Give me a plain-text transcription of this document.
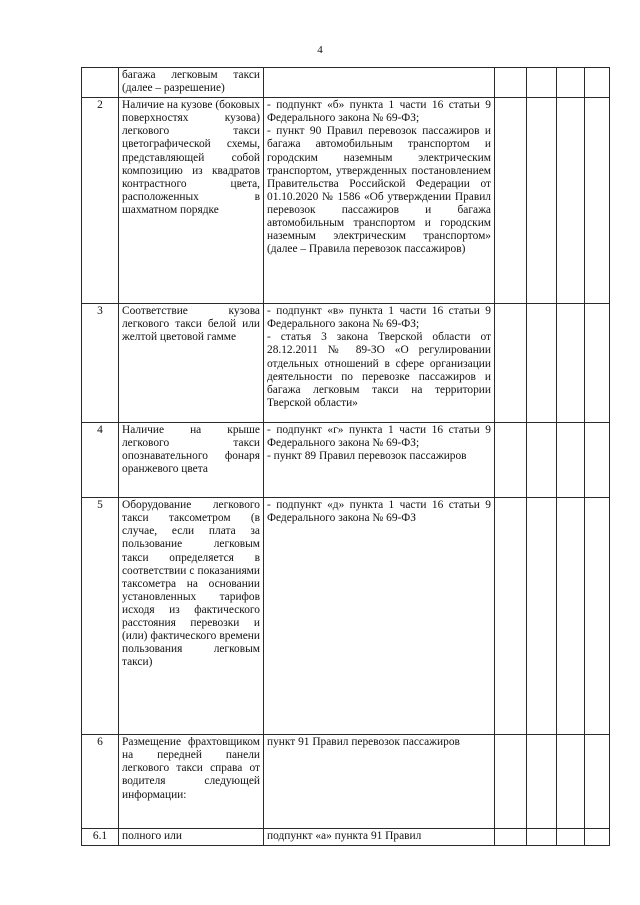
4
	багажа легковым такси (далее – разрешение)					
2	Наличие на кузове (боковых поверхностях кузова) легкового такси цветографической схемы, представляющей собой композицию из квадратов контрастного цвета, расположенных в шахматном порядке	- подпункт «б» пункта 1 части 16 статьи 9 Федерального закона № 69-ФЗ;
- пункт 90 Правил перевозок пассажиров и багажа автомобильным транспортом и городским наземным электрическим транспортом, утвержденных постановлением Правительства Российской Федерации от 01.10.2020 № 1586 «Об утверждении Правил перевозок пассажиров и багажа автомобильным транспортом и городским наземным электрическим транспортом» (далее – Правила перевозок пассажиров)				

3	Соответствие кузова легкового такси белой или желтой цветовой гамме	- подпункт «в» пункта 1 части 16 статьи 9 Федерального закона № 69-ФЗ;
- статья 3 закона Тверской области от 28.12.2011 № 89-ЗО «О регулировании отдельных отношений в сфере организации деятельности по перевозке пассажиров и багажа легковым такси на территории Тверской области»				

4	Наличие на крыше легкового такси опознавательного фонаря оранжевого цвета	- подпункт «г» пункта 1 части 16 статьи 9 Федерального закона № 69-ФЗ;
- пункт 89 Правил перевозок пассажиров				

5	Оборудование легкового такси таксометром (в случае, если плата за пользование легковым такси определяется в соответствии с показаниями таксометра на основании установленных тарифов исходя из фактического расстояния перевозки и (или) фактического времени пользования легковым такси)	- подпункт «д» пункта 1 части 16 статьи 9 Федерального закона № 69-ФЗ				
6	Размещение фрахтовщиком на передней панели легкового такси справа от водителя следующей информации:	пункт 91 Правил перевозок пассажиров				
6.1	полного или	подпункт «а» пункта 91 Правил				
